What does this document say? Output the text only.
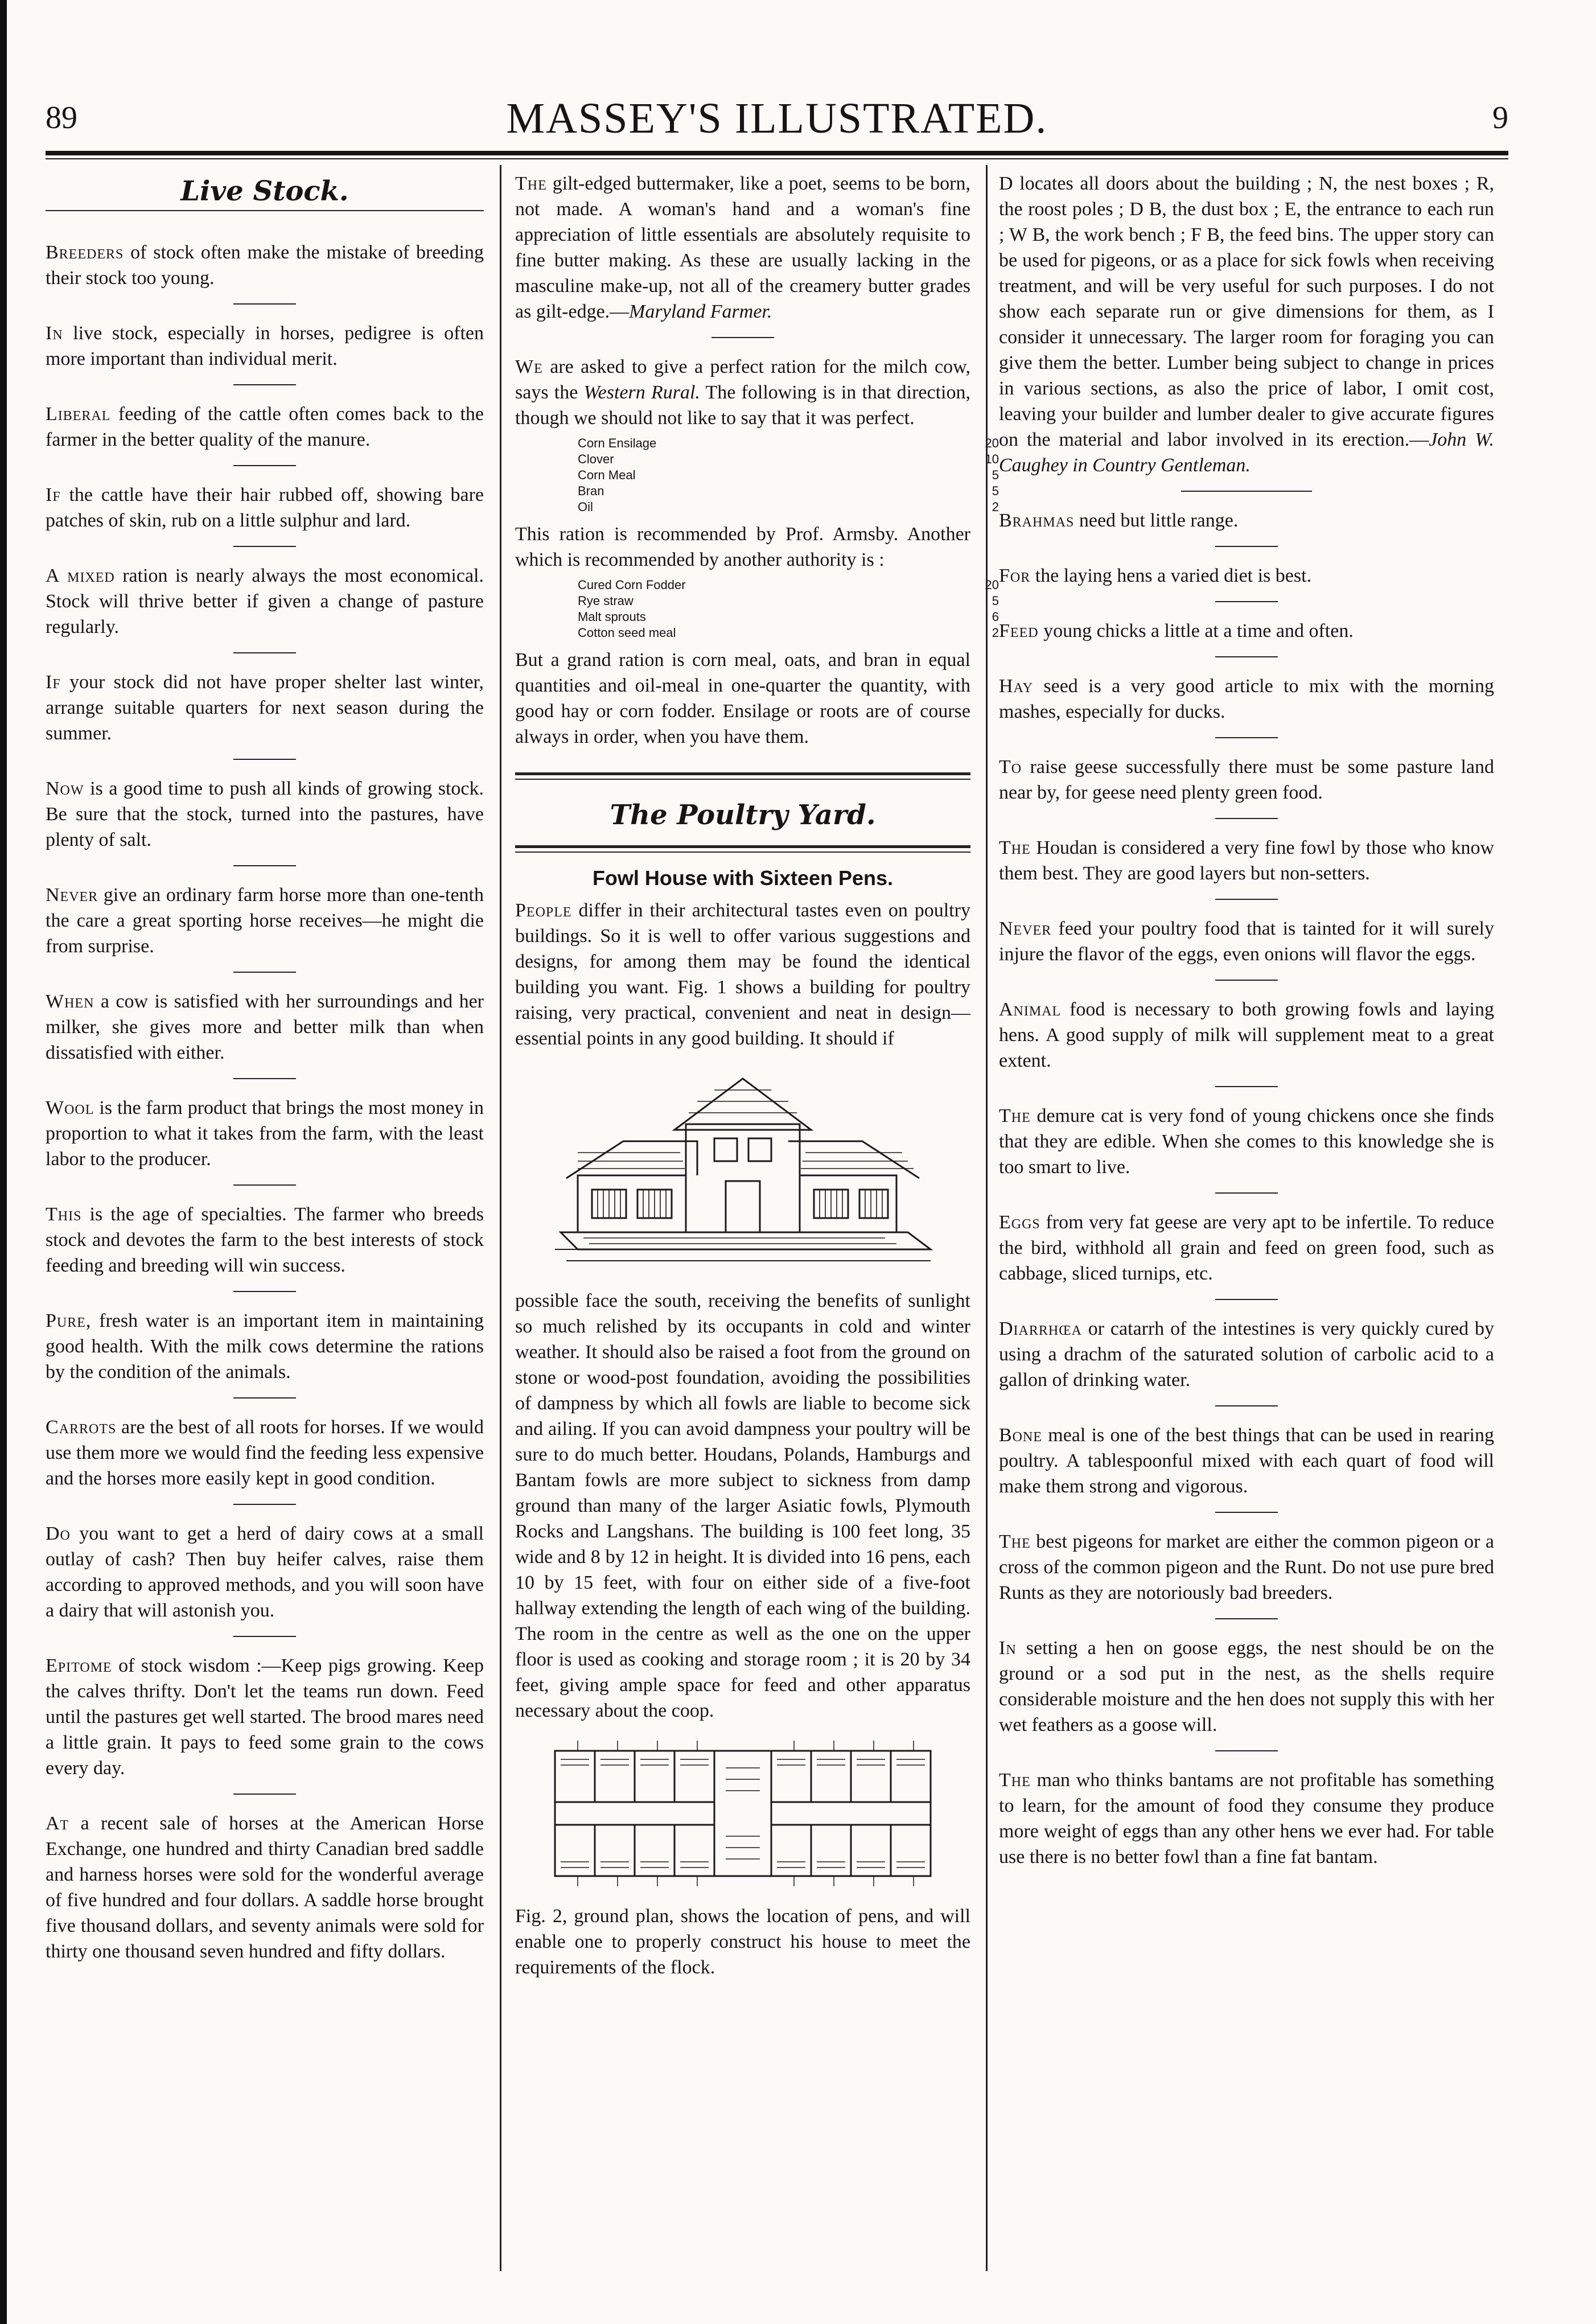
89	MASSEY'S ILLUSTRATED.	9
Live Stock.

Breeders of stock often make the mistake of breeding their stock too young.

In live stock, especially in horses, pedigree is often more important than individual merit.

Liberal feeding of the cattle often comes back to the farmer in the better quality of the manure.

If the cattle have their hair rubbed off, showing bare patches of skin, rub on a little sulphur and lard.

A mixed ration is nearly always the most economical. Stock will thrive better if given a change of pasture regularly.

If your stock did not have proper shelter last winter, arrange suitable quarters for next season during the summer.

Now is a good time to push all kinds of growing stock. Be sure that the stock, turned into the pastures, have plenty of salt.

Never give an ordinary farm horse more than one-tenth the care a great sporting horse receives—he might die from surprise.

When a cow is satisfied with her surroundings and her milker, she gives more and better milk than when dissatisfied with either.

Wool is the farm product that brings the most money in proportion to what it takes from the farm, with the least labor to the producer.

This is the age of specialties. The farmer who breeds stock and devotes the farm to the best interests of stock feeding and breeding will win success.

Pure, fresh water is an important item in maintaining good health. With the milk cows determine the rations by the condition of the animals.

Carrots are the best of all roots for horses. If we would use them more we would find the feeding less expensive and the horses more easily kept in good condition.

Do you want to get a herd of dairy cows at a small outlay of cash? Then buy heifer calves, raise them according to approved methods, and you will soon have a dairy that will astonish you.

Epitome of stock wisdom :—Keep pigs growing. Keep the calves thrifty. Don't let the teams run down. Feed until the pastures get well started. The brood mares need a little grain. It pays to feed some grain to the cows every day.

At a recent sale of horses at the American Horse Exchange, one hundred and thirty Canadian bred saddle and harness horses were sold for the wonderful average of five hundred and four dollars. A saddle horse brought five thousand dollars, and seventy animals were sold for thirty one thousand seven hundred and fifty dollars.

The gilt-edged buttermaker, like a poet, seems to be born, not made. A woman's hand and a woman's fine appreciation of little essentials are absolutely requisite to fine butter making. As these are usually lacking in the masculine make-up, not all of the creamery butter grades as gilt-edge.—Maryland Farmer.

We are asked to give a perfect ration for the milch cow, says the Western Rural. The following is in that direction, though we should not like to say that it was perfect.

Corn Ensilage		20
Clover		10
Corn Meal		5
Bran		5
Oil		2

This ration is recommended by Prof. Armsby. Another which is recommended by another authority is :

Cured Corn Fodder		20
Rye straw		5
Malt sprouts		6
Cotton seed meal		2

But a grand ration is corn meal, oats, and bran in equal quantities and oil-meal in one-quarter the quantity, with good hay or corn fodder. Ensilage or roots are of course always in order, when you have them.

The Poultry Yard.
Fowl House with Sixteen Pens.

People differ in their architectural tastes even on poultry buildings. So it is well to offer various suggestions and designs, for among them may be found the identical building you want. Fig. 1 shows a building for poultry raising, very practical, convenient and neat in design—essential points in any good building. It should if

possible face the south, receiving the benefits of sunlight so much relished by its occupants in cold and winter weather. It should also be raised a foot from the ground on stone or wood-post foundation, avoiding the possibilities of dampness by which all fowls are liable to become sick and ailing. If you can avoid dampness your poultry will be sure to do much better. Houdans, Polands, Hamburgs and Bantam fowls are more subject to sickness from damp ground than many of the larger Asiatic fowls, Plymouth Rocks and Langshans. The building is 100 feet long, 35 wide and 8 by 12 in height. It is divided into 16 pens, each 10 by 15 feet, with four on either side of a five-foot hallway extending the length of each wing of the building. The room in the centre as well as the one on the upper floor is used as cooking and storage room ; it is 20 by 34 feet, giving ample space for feed and other apparatus necessary about the coop.

Fig. 2, ground plan, shows the location of pens, and will enable one to properly construct his house to meet the requirements of the flock.

D locates all doors about the building ; N, the nest boxes ; R, the roost poles ; D B, the dust box ; E, the entrance to each run ; W B, the work bench ; F B, the feed bins. The upper story can be used for pigeons, or as a place for sick fowls when receiving treatment, and will be very useful for such purposes. I do not show each separate run or give dimensions for them, as I consider it unnecessary. The larger room for foraging you can give them the better. Lumber being subject to change in prices in various sections, as also the price of labor, I omit cost, leaving your builder and lumber dealer to give accurate figures on the material and labor involved in its erection.—John W. Caughey in Country Gentleman.

Brahmas need but little range.

For the laying hens a varied diet is best.

Feed young chicks a little at a time and often.

Hay seed is a very good article to mix with the morning mashes, especially for ducks.

To raise geese successfully there must be some pasture land near by, for geese need plenty green food.

The Houdan is considered a very fine fowl by those who know them best. They are good layers but non-setters.

Never feed your poultry food that is tainted for it will surely injure the flavor of the eggs, even onions will flavor the eggs.

Animal food is necessary to both growing fowls and laying hens. A good supply of milk will supplement meat to a great extent.

The demure cat is very fond of young chickens once she finds that they are edible. When she comes to this knowledge she is too smart to live.

Eggs from very fat geese are very apt to be infertile. To reduce the bird, withhold all grain and feed on green food, such as cabbage, sliced turnips, etc.

Diarrhœa or catarrh of the intestines is very quickly cured by using a drachm of the saturated solution of carbolic acid to a gallon of drinking water.

Bone meal is one of the best things that can be used in rearing poultry. A tablespoonful mixed with each quart of food will make them strong and vigorous.

The best pigeons for market are either the common pigeon or a cross of the common pigeon and the Runt. Do not use pure bred Runts as they are notoriously bad breeders.

In setting a hen on goose eggs, the nest should be on the ground or a sod put in the nest, as the shells require considerable moisture and the hen does not supply this with her wet feathers as a goose will.

The man who thinks bantams are not profitable has something to learn, for the amount of food they consume they produce more weight of eggs than any other hens we ever had. For table use there is no better fowl than a fine fat bantam.
